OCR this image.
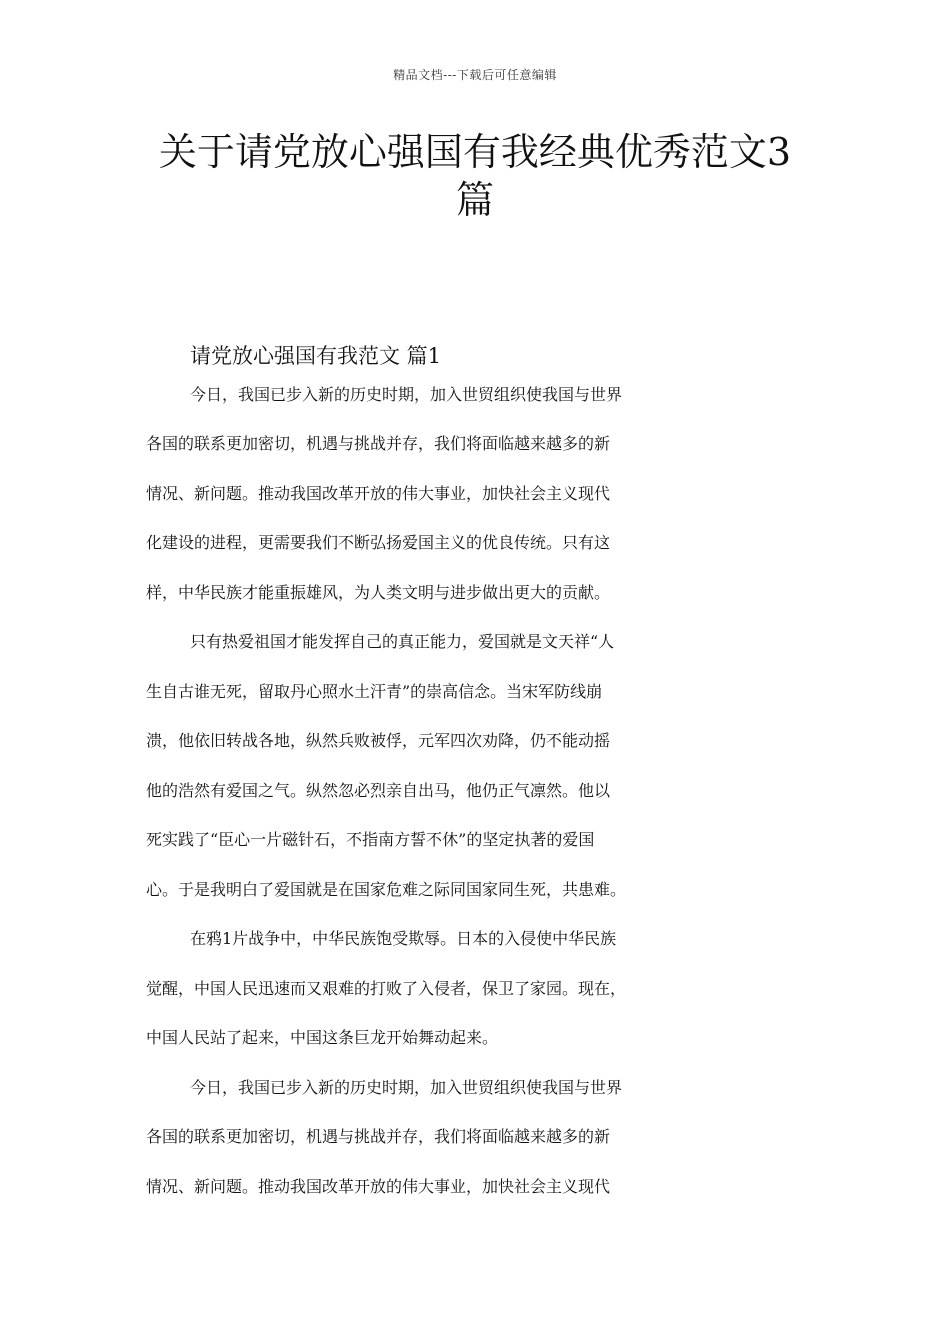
精品文档---下载后可任意编辑
关于请党放心强国有我经典优秀范文3篇
请党放心强国有我范文 篇1
今日，我国已步入新的历史时期，加入世贸组织使我国与世界
各国的联系更加密切，机遇与挑战并存，我们将面临越来越多的新
情况、新问题。推动我国改革开放的伟大事业，加快社会主义现代
化建设的进程，更需要我们不断弘扬爱国主义的优良传统。只有这
样，中华民族才能重振雄风，为人类文明与进步做出更大的贡献。
只有热爱祖国才能发挥自己的真正能力，爱国就是文天祥“人
生自古谁无死，留取丹心照水土汗青”的崇高信念。当宋军防线崩
溃，他依旧转战各地，纵然兵败被俘，元军四次劝降，仍不能动摇
他的浩然有爱国之气。纵然忽必烈亲自出马，他仍正气凛然。他以
死实践了“臣心一片磁针石，不指南方誓不休”的坚定执著的爱国
心。于是我明白了爱国就是在国家危难之际同国家同生死，共患难。
在鸦1片战争中，中华民族饱受欺辱。日本的入侵使中华民族
觉醒，中国人民迅速而又艰难的打败了入侵者，保卫了家园。现在，
中国人民站了起来，中国这条巨龙开始舞动起来。
今日，我国已步入新的历史时期，加入世贸组织使我国与世界
各国的联系更加密切，机遇与挑战并存，我们将面临越来越多的新
情况、新问题。推动我国改革开放的伟大事业，加快社会主义现代
